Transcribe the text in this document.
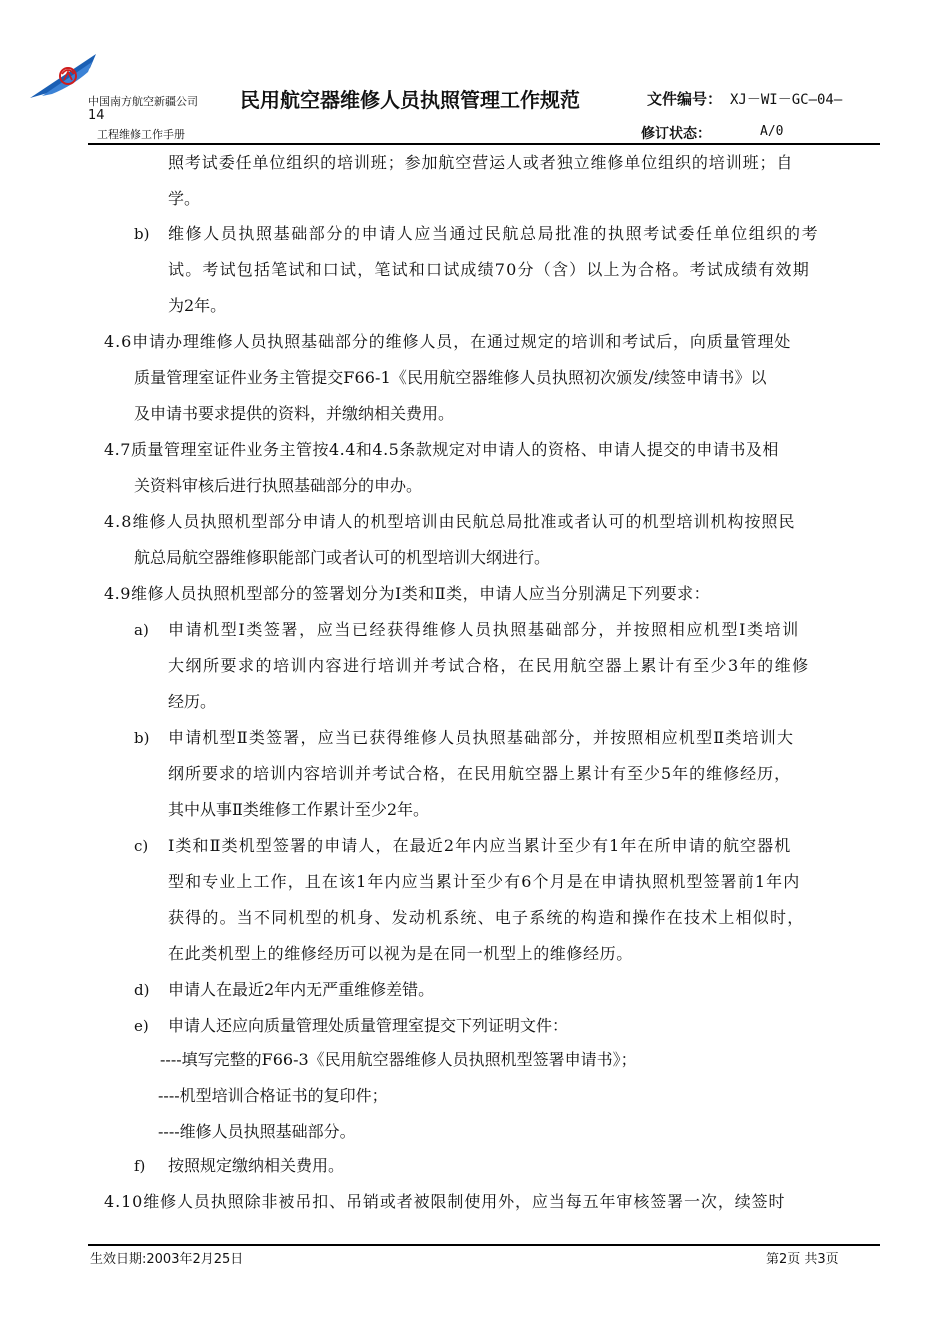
中国南方航空新疆公司
14
民用航空器维修人员执照管理工作规范	文件编号： XJ－WI－GC—04—
工程维修工作手册	修订状态：	A/0
照考试委任单位组织的培训班；参加航空营运人或者独立维修单位组织的培训班；自
学。
b) 维修人员执照基础部分的申请人应当通过民航总局批准的执照考试委任单位组织的考
试。考试包括笔试和口试，笔试和口试成绩70分（含）以上为合格。考试成绩有效期
为2年。
4.6申请办理维修人员执照基础部分的维修人员，在通过规定的培训和考试后，向质量管理处
质量管理室证件业务主管提交F66-1《民用航空器维修人员执照初次颁发/续签申请书》以
及申请书要求提供的资料，并缴纳相关费用。
4.7质量管理室证件业务主管按4.4和4.5条款规定对申请人的资格、申请人提交的申请书及相
关资料审核后进行执照基础部分的申办。
4.8维修人员执照机型部分申请人的机型培训由民航总局批准或者认可的机型培训机构按照民
航总局航空器维修职能部门或者认可的机型培训大纲进行。
4.9维修人员执照机型部分的签署划分为Ⅰ类和Ⅱ类，申请人应当分别满足下列要求：
a) 申请机型Ⅰ类签署，应当已经获得维修人员执照基础部分，并按照相应机型Ⅰ类培训
大纲所要求的培训内容进行培训并考试合格，在民用航空器上累计有至少3年的维修
经历。
b) 申请机型Ⅱ类签署，应当已获得维修人员执照基础部分，并按照相应机型Ⅱ类培训大
纲所要求的培训内容培训并考试合格，在民用航空器上累计有至少5年的维修经历，
其中从事Ⅱ类维修工作累计至少2年。
c) Ⅰ类和Ⅱ类机型签署的申请人，在最近2年内应当累计至少有1年在所申请的航空器机
型和专业上工作，且在该1年内应当累计至少有6个月是在申请执照机型签署前1年内
获得的。当不同机型的机身、发动机系统、电子系统的构造和操作在技术上相似时，
在此类机型上的维修经历可以视为是在同一机型上的维修经历。
d) 申请人在最近2年内无严重维修差错。
e) 申请人还应向质量管理处质量管理室提交下列证明文件：
----填写完整的F66-3《民用航空器维修人员执照机型签署申请书》；
----机型培训合格证书的复印件；
----维修人员执照基础部分。
f) 按照规定缴纳相关费用。
4.10维修人员执照除非被吊扣、吊销或者被限制使用外，应当每五年审核签署一次，续签时
生效日期:2003年2月25日	第2页 共3页
